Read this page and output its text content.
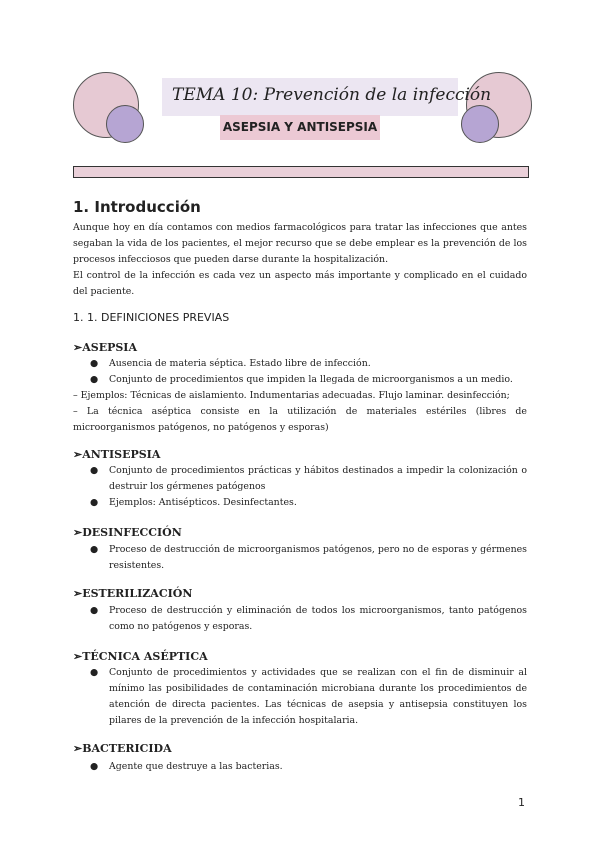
TEMA 10: Prevención de la infección
ASEPSIA Y ANTISEPSIA
1. Introducción

Aunque hoy en día contamos con medios farmacológicos para tratar las infecciones que antes segaban la vida de los pacientes, el mejor recurso que se debe emplear es la prevención de los procesos infecciosos que pueden darse durante la hospitalización.

El control de la infección es cada vez un aspecto más importante y complicado en el cuidado del paciente.

1. 1. DEFINICIONES PREVIAS
➢ASEPSIA
● Ausencia de materia séptica. Estado libre de infección.
● Conjunto de procedimientos que impiden la llegada de microorganismos a un medio.

– Ejemplos: Técnicas de aislamiento. Indumentarias adecuadas. Flujo laminar. desinfección;

– La técnica aséptica consiste en la utilización de materiales estériles (libres de microorganismos patógenos, no patógenos y esporas)

➢ANTISEPSIA
● Conjunto de procedimientos prácticas y hábitos destinados a impedir la colonización o destruir los gérmenes patógenos
● Ejemplos: Antisépticos. Desinfectantes.
➢DESINFECCIÓN
● Proceso de destrucción de microorganismos patógenos, pero no de esporas y gérmenes resistentes.
➢ESTERILIZACIÓN
● Proceso de destrucción y eliminación de todos los microorganismos, tanto patógenos como no patógenos y esporas.
➢TÉCNICA ASÉPTICA
● Conjunto de procedimientos y actividades que se realizan con el fin de disminuir al mínimo las posibilidades de contaminación microbiana durante los procedimientos de atención de directa pacientes. Las técnicas de asepsia y antisepsia constituyen los pilares de la prevención de la infección hospitalaria.
➢BACTERICIDA
● Agente que destruye a las bacterias.
1
